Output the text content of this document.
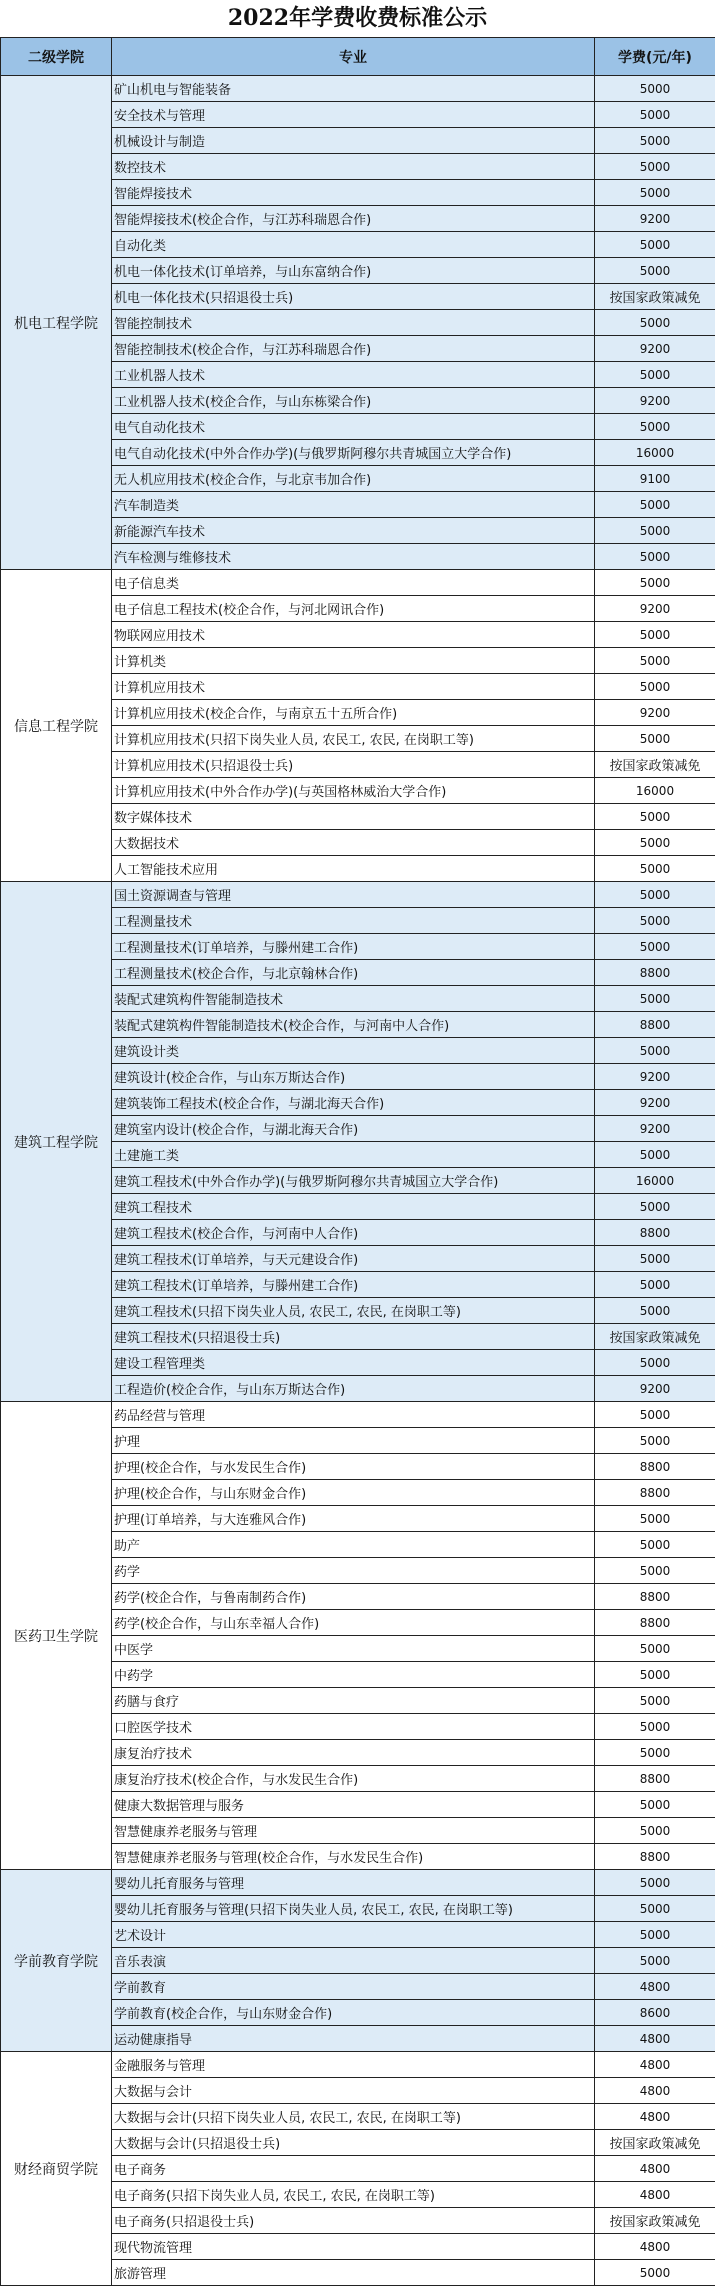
2022年学费收费标准公示
二级学院	专业	学费(元/年)
机电工程学院	矿山机电与智能装备	5000
	安全技术与管理	5000
	机械设计与制造	5000
	数控技术	5000
	智能焊接技术	5000
	智能焊接技术(校企合作，与江苏科瑞恩合作)	9200
	自动化类	5000
	机电一体化技术(订单培养，与山东富纳合作)	5000
	机电一体化技术(只招退役士兵)	按国家政策减免
	智能控制技术	5000
	智能控制技术(校企合作，与江苏科瑞恩合作)	9200
	工业机器人技术	5000
	工业机器人技术(校企合作，与山东栋梁合作)	9200
	电气自动化技术	5000
	电气自动化技术(中外合作办学)(与俄罗斯阿穆尔共青城国立大学合作)	16000
	无人机应用技术(校企合作，与北京韦加合作)	9100
	汽车制造类	5000
	新能源汽车技术	5000
	汽车检测与维修技术	5000
信息工程学院	电子信息类	5000
	电子信息工程技术(校企合作，与河北网讯合作)	9200
	物联网应用技术	5000
	计算机类	5000
	计算机应用技术	5000
	计算机应用技术(校企合作，与南京五十五所合作)	9200
	计算机应用技术(只招下岗失业人员, 农民工, 农民, 在岗职工等)	5000
	计算机应用技术(只招退役士兵)	按国家政策减免
	计算机应用技术(中外合作办学)(与英国格林威治大学合作)	16000
	数字媒体技术	5000
	大数据技术	5000
	人工智能技术应用	5000
建筑工程学院	国土资源调查与管理	5000
	工程测量技术	5000
	工程测量技术(订单培养，与滕州建工合作)	5000
	工程测量技术(校企合作，与北京翰林合作)	8800
	装配式建筑构件智能制造技术	5000
	装配式建筑构件智能制造技术(校企合作，与河南中人合作)	8800
	建筑设计类	5000
	建筑设计(校企合作，与山东万斯达合作)	9200
	建筑装饰工程技术(校企合作，与湖北海天合作)	9200
	建筑室内设计(校企合作，与湖北海天合作)	9200
	土建施工类	5000
	建筑工程技术(中外合作办学)(与俄罗斯阿穆尔共青城国立大学合作)	16000
	建筑工程技术	5000
	建筑工程技术(校企合作，与河南中人合作)	8800
	建筑工程技术(订单培养，与天元建设合作)	5000
	建筑工程技术(订单培养，与滕州建工合作)	5000
	建筑工程技术(只招下岗失业人员, 农民工, 农民, 在岗职工等)	5000
	建筑工程技术(只招退役士兵)	按国家政策减免
	建设工程管理类	5000
	工程造价(校企合作，与山东万斯达合作)	9200
医药卫生学院	药品经营与管理	5000
	护理	5000
	护理(校企合作，与水发民生合作)	8800
	护理(校企合作，与山东财金合作)	8800
	护理(订单培养，与大连雅风合作)	5000
	助产	5000
	药学	5000
	药学(校企合作，与鲁南制药合作)	8800
	药学(校企合作，与山东幸福人合作)	8800
	中医学	5000
	中药学	5000
	药膳与食疗	5000
	口腔医学技术	5000
	康复治疗技术	5000
	康复治疗技术(校企合作，与水发民生合作)	8800
	健康大数据管理与服务	5000
	智慧健康养老服务与管理	5000
	智慧健康养老服务与管理(校企合作，与水发民生合作)	8800
学前教育学院	婴幼儿托育服务与管理	5000
	婴幼儿托育服务与管理(只招下岗失业人员, 农民工, 农民, 在岗职工等)	5000
	艺术设计	5000
	音乐表演	5000
	学前教育	4800
	学前教育(校企合作，与山东财金合作)	8600
	运动健康指导	4800
财经商贸学院	金融服务与管理	4800
	大数据与会计	4800
	大数据与会计(只招下岗失业人员, 农民工, 农民, 在岗职工等)	4800
	大数据与会计(只招退役士兵)	按国家政策减免
	电子商务	4800
	电子商务(只招下岗失业人员, 农民工, 农民, 在岗职工等)	4800
	电子商务(只招退役士兵)	按国家政策减免
	现代物流管理	4800
	旅游管理	5000
